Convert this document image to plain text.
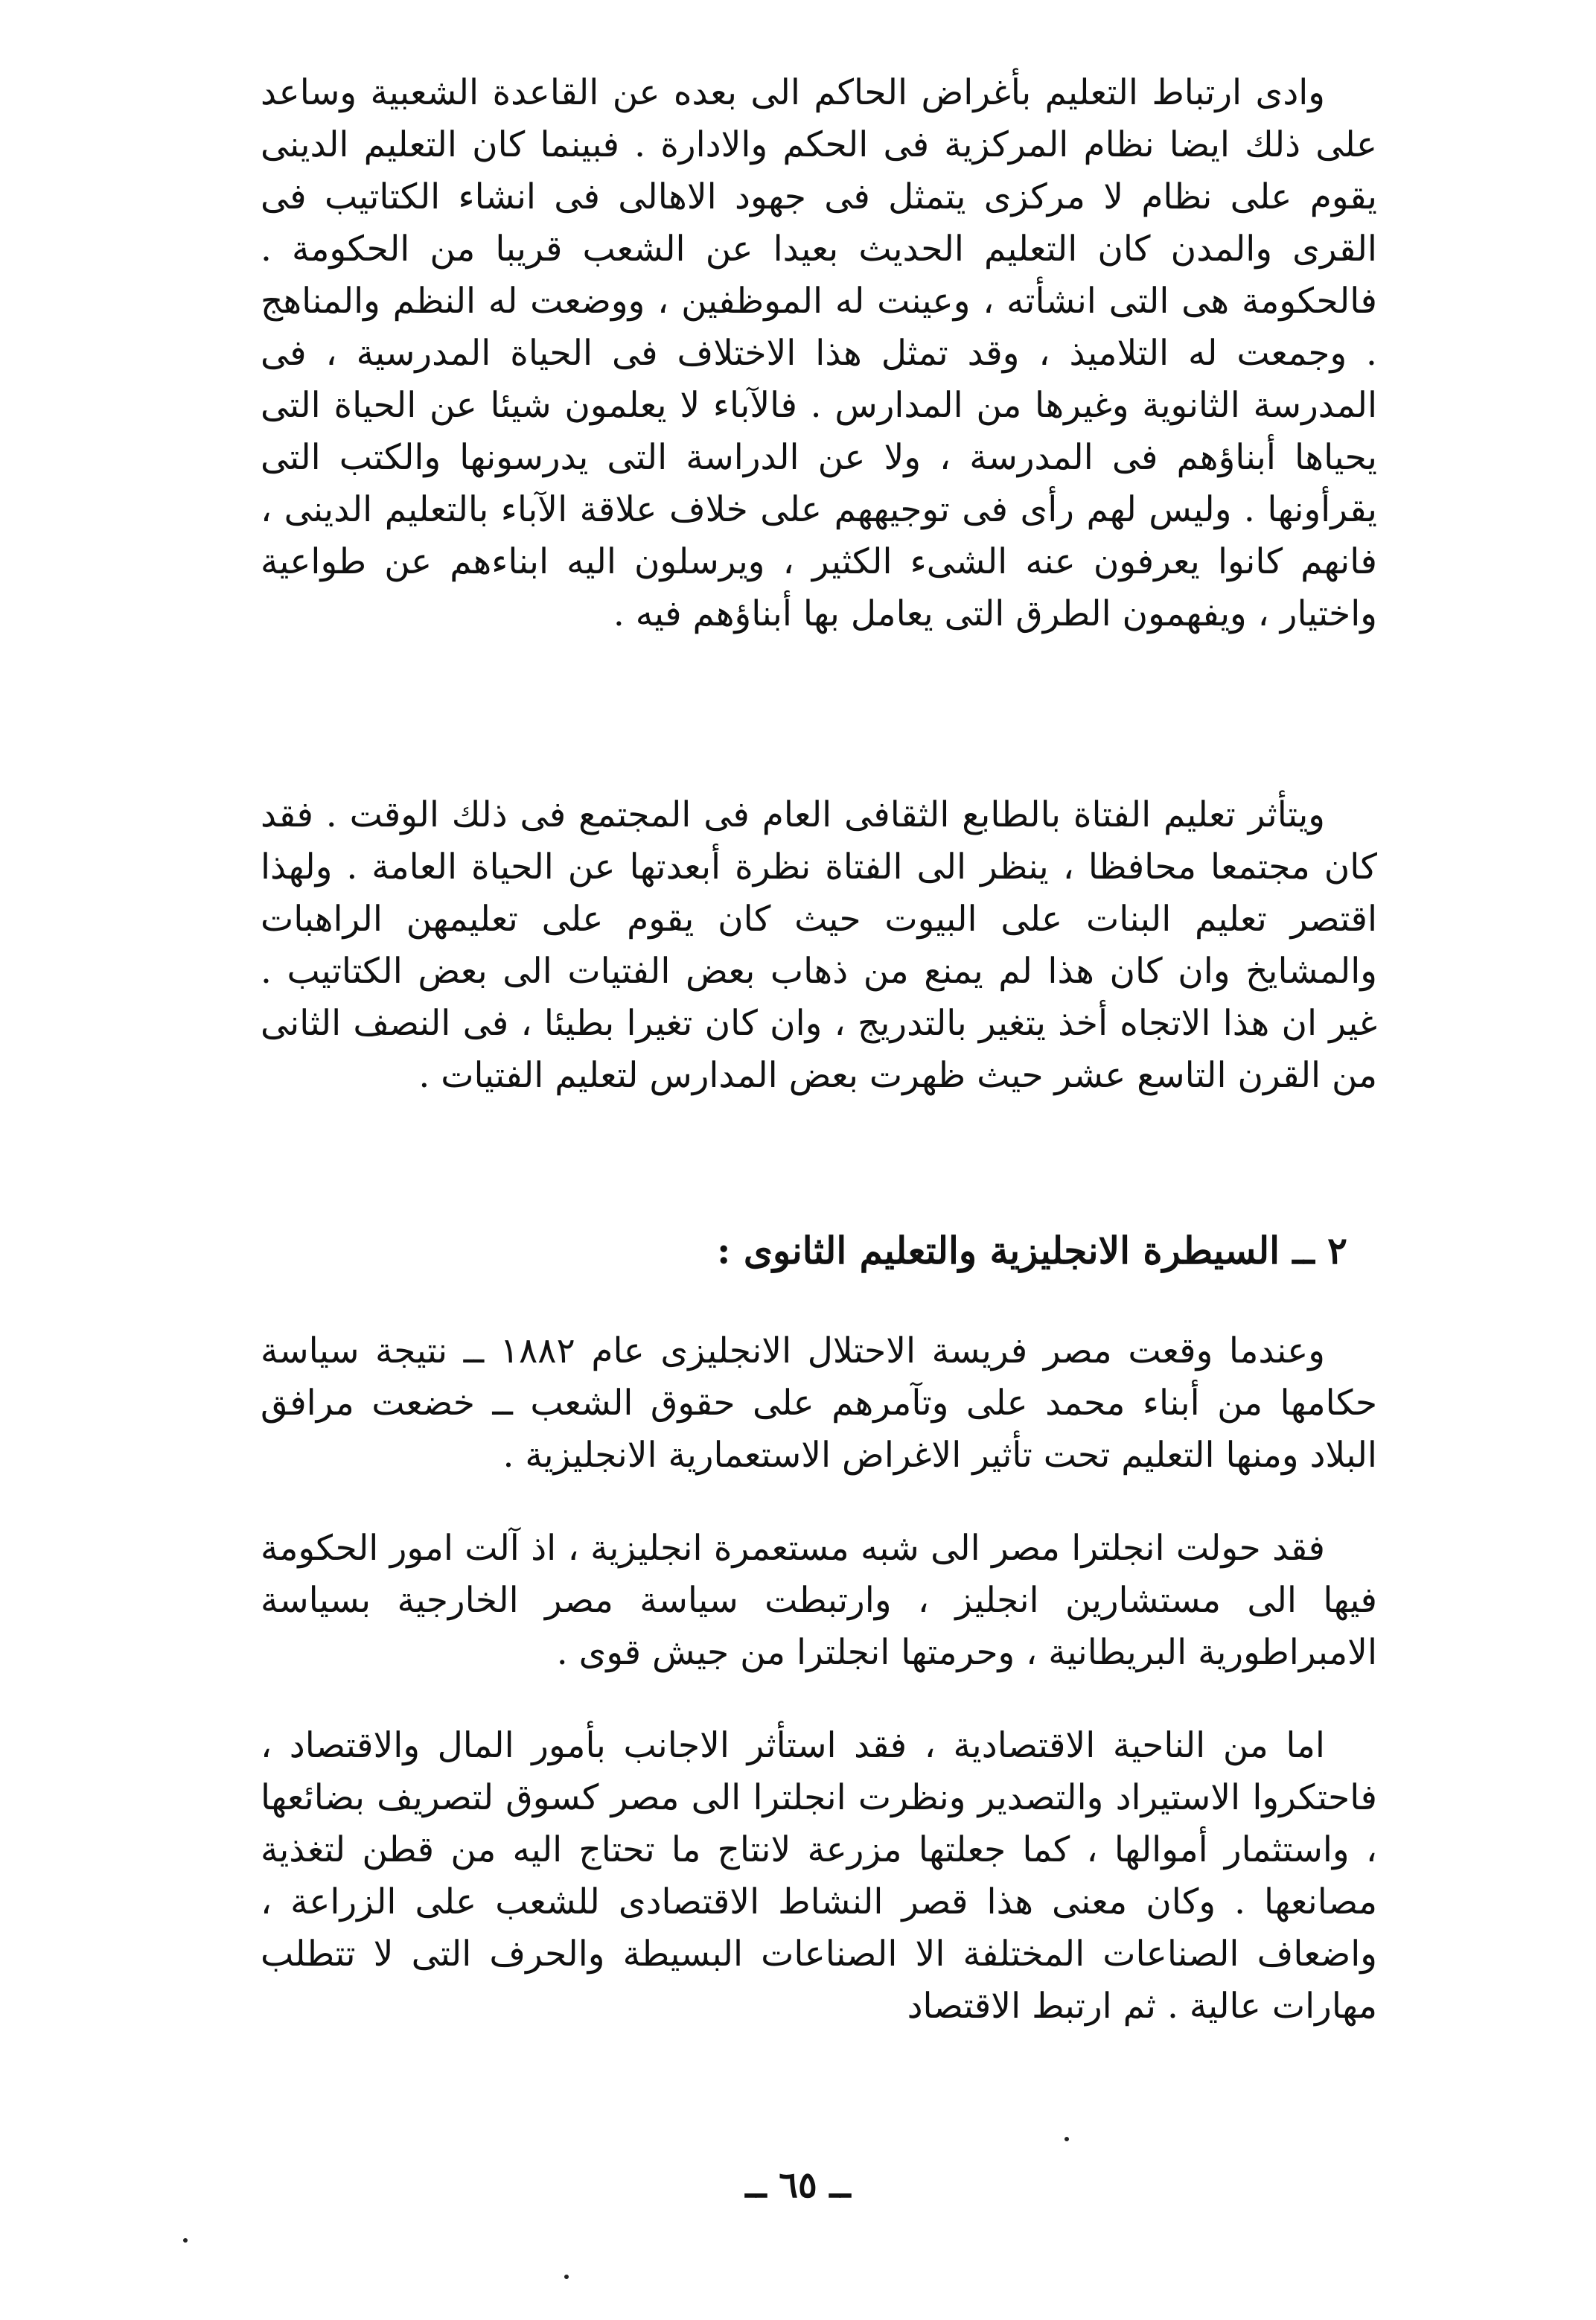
وادى ارتباط التعليم بأغراض الحاكم الى بعده عن القاعدة الشعبية وساعد على ذلك ايضا نظام المركزية فى الحكم والادارة . فبينما كان التعليم الدينى يقوم على نظام لا مركزى يتمثل فى جهود الاهالى فى انشاء الكتاتيب فى القرى والمدن كان التعليم الحديث بعيدا عن الشعب قريبا من الحكومة . فالحكومة هى التى انشأته ، وعينت له الموظفين ، ووضعت له النظم والمناهج . وجمعت له التلاميذ ، وقد تمثل هذا الاختلاف فى الحياة المدرسية ، فى المدرسة الثانوية وغيرها من المدارس . فالآباء لا يعلمون شيئا عن الحياة التى يحياها أبناؤهم فى المدرسة ، ولا عن الدراسة التى يدرسونها والكتب التى يقرأونها . وليس لهم رأى فى توجيههم على خلاف علاقة الآباء بالتعليم الدينى ، فانهم كانوا يعرفون عنه الشىء الكثير ، ويرسلون اليه ابناءهم عن طواعية واختيار ، ويفهمون الطرق التى يعامل بها أبناؤهم فيه .

ويتأثر تعليم الفتاة بالطابع الثقافى العام فى المجتمع فى ذلك الوقت . فقد كان مجتمعا محافظا ، ينظر الى الفتاة نظرة أبعدتها عن الحياة العامة . ولهذا اقتصر تعليم البنات على البيوت حيث كان يقوم على تعليمهن الراهبات والمشايخ وان كان هذا لم يمنع من ذهاب بعض الفتيات الى بعض الكتاتيب . غير ان هذا الاتجاه أخذ يتغير بالتدريج ، وان كان تغيرا بطيئا ، فى النصف الثانى من القرن التاسع عشر حيث ظهرت بعض المدارس لتعليم الفتيات .

٢ ــ السيطرة الانجليزية والتعليم الثانوى :

وعندما وقعت مصر فريسة الاحتلال الانجليزى عام ١٨٨٢ ــ نتيجة سياسة حكامها من أبناء محمد على وتآمرهم على حقوق الشعب ــ خضعت مرافق البلاد ومنها التعليم تحت تأثير الاغراض الاستعمارية الانجليزية .

فقد حولت انجلترا مصر الى شبه مستعمرة انجليزية ، اذ آلت امور الحكومة فيها الى مستشارين انجليز ، وارتبطت سياسة مصر الخارجية بسياسة الامبراطورية البريطانية ، وحرمتها انجلترا من جيش قوى .

اما من الناحية الاقتصادية ، فقد استأثر الاجانب بأمور المال والاقتصاد ، فاحتكروا الاستيراد والتصدير ونظرت انجلترا الى مصر كسوق لتصريف بضائعها ، واستثمار أموالها ، كما جعلتها مزرعة لانتاج ما تحتاج اليه من قطن لتغذية مصانعها . وكان معنى هذا قصر النشاط الاقتصادى للشعب على الزراعة ، واضعاف الصناعات المختلفة الا الصناعات البسيطة والحرف التى لا تتطلب مهارات عالية . ثم ارتبط الاقتصاد

ــ ٦٥ ــ
